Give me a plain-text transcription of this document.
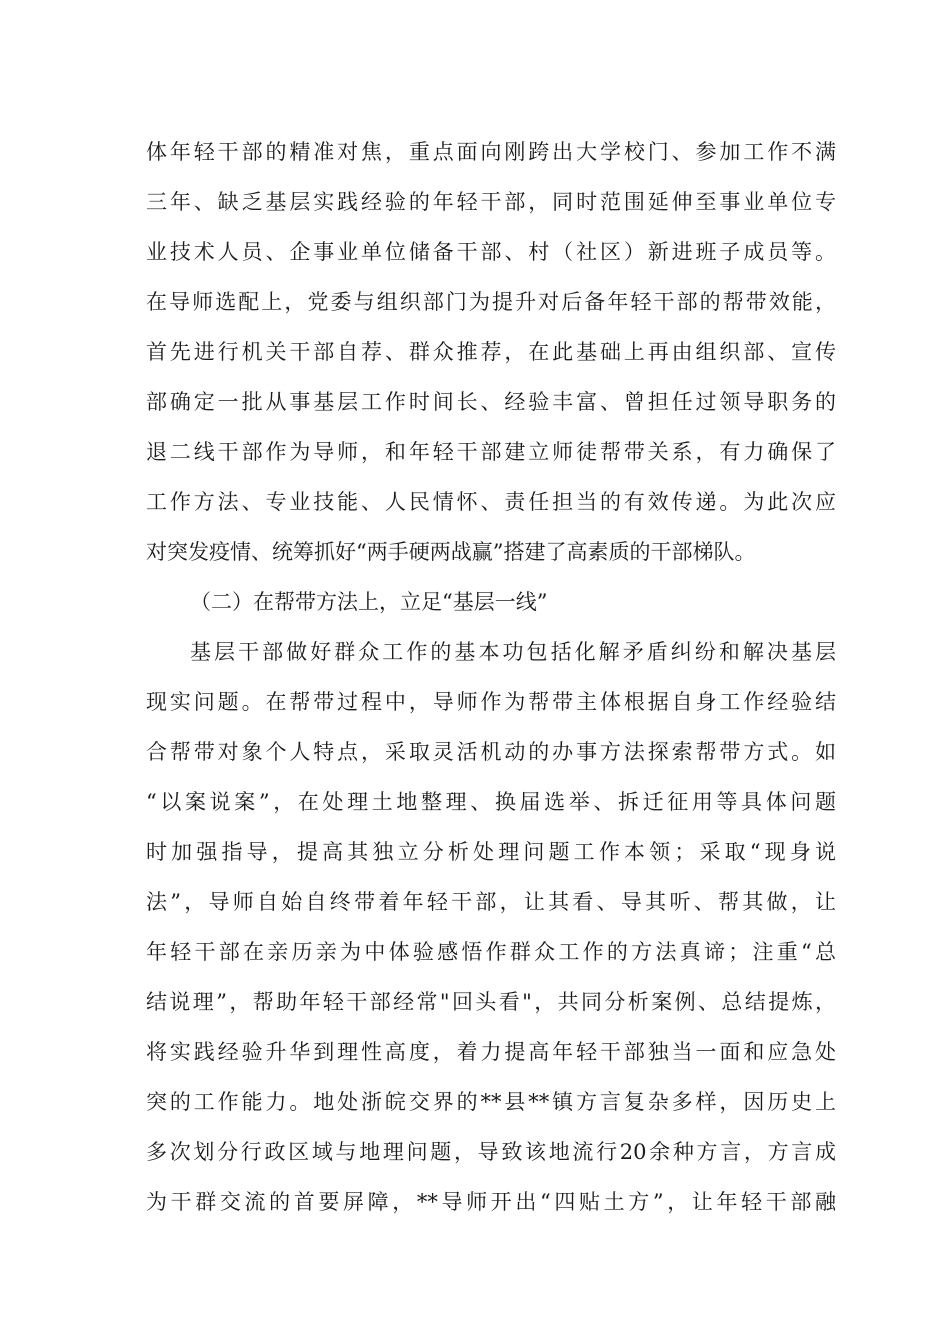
体年轻干部的精准对焦，重点面向刚跨出大学校门、参加工作不满
三年、缺乏基层实践经验的年轻干部，同时范围延伸至事业单位专
业技术人员、企事业单位储备干部、村（社区）新进班子成员等。
在导师选配上，党委与组织部门为提升对后备年轻干部的帮带效能，
首先进行机关干部自荐、群众推荐，在此基础上再由组织部、宣传
部确定一批从事基层工作时间长、经验丰富、曾担任过领导职务的
退二线干部作为导师，和年轻干部建立师徒帮带关系，有力确保了
工作方法、专业技能、人民情怀、责任担当的有效传递。为此次应
对突发疫情、统筹抓好“两手硬两战赢”搭建了高素质的干部梯队。
（二）在帮带方法上，立足“基层一线”
基层干部做好群众工作的基本功包括化解矛盾纠纷和解决基层
现实问题。在帮带过程中，导师作为帮带主体根据自身工作经验结
合帮带对象个人特点，采取灵活机动的办事方法探索帮带方式。如
“以案说案”，在处理土地整理、换届选举、拆迁征用等具体问题
时加强指导，提高其独立分析处理问题工作本领；采取“现身说
法”，导师自始自终带着年轻干部，让其看、导其听、帮其做，让
年轻干部在亲历亲为中体验感悟作群众工作的方法真谛；注重“总
结说理”，帮助年轻干部经常"回头看"，共同分析案例、总结提炼，
将实践经验升华到理性高度，着力提高年轻干部独当一面和应急处
突的工作能力。地处浙皖交界的**县**镇方言复杂多样，因历史上
多次划分行政区域与地理问题，导致该地流行20余种方言，方言成
为干群交流的首要屏障，**导师开出“四贴土方”，让年轻干部融
